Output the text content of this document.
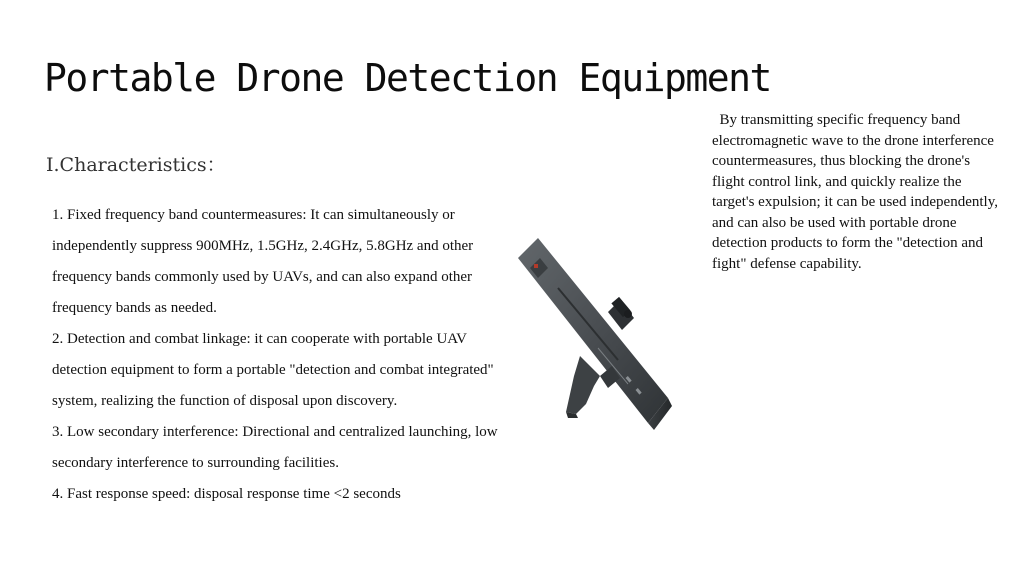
Portable Drone Detection Equipment
I.Characteristics：
1. Fixed frequency band countermeasures: It can simultaneously or independently suppress 900MHz, 1.5GHz, 2.4GHz, 5.8GHz and other frequency bands commonly used by UAVs, and can also expand other frequency bands as needed.
2. Detection and combat linkage: it can cooperate with portable UAV detection equipment to form a portable "detection and combat integrated" system, realizing the function of disposal upon discovery.
3. Low secondary interference: Directional and centralized launching, low secondary interference to surrounding facilities.
4. Fast response speed: disposal response time <2 seconds

By transmitting specific frequency band electromagnetic wave to the drone interference countermeasures, thus blocking the drone's flight control link, and quickly realize the target's expulsion; it can be used independently, and can also be used with portable drone detection products to form the "detection and fight" defense capability.
